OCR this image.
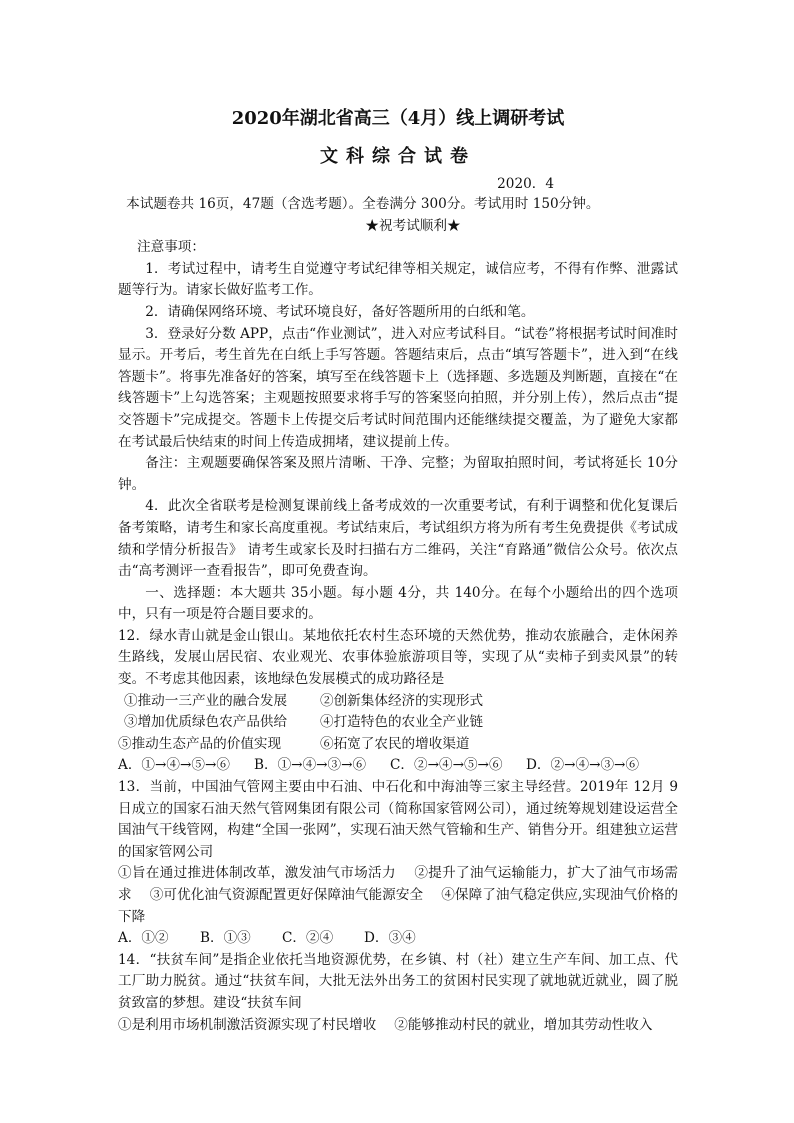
2020年湖北省高三（4月）线上调研考试
文科综合试卷
2020．4

本试题卷共 16页，47题（含选考题）。全卷满分 300分。考试用时 150分钟。

★祝考试顺利★

注意事项：

1．考试过程中，请考生自觉遵守考试纪律等相关规定，诚信应考，不得有作弊、泄露试题等行为。请家长做好监考工作。

2．请确保网络环境、考试环境良好，备好答题所用的白纸和笔。

3．登录好分数 APP，点击“作业测试”，进入对应考试科目。“试卷”将根据考试时间准时显示。开考后，考生首先在白纸上手写答题。答题结束后，点击“填写答题卡”，进入到“在线答题卡”。将事先准备好的答案，填写至在线答题卡上（选择题、多选题及判断题，直接在“在线答题卡”上勾选答案；主观题按照要求将手写的答案竖向拍照，并分别上传），然后点击“提交答题卡”完成提交。答题卡上传提交后考试时间范围内还能继续提交覆盖，为了避免大家都在考试最后快结束的时间上传造成拥堵，建议提前上传。

备注：主观题要确保答案及照片清晰、干净、完整；为留取拍照时间，考试将延长 10分钟。

4．此次全省联考是检测复课前线上备考成效的一次重要考试，有利于调整和优化复课后备考策略，请考生和家长高度重视。考试结束后，考试组织方将为所有考生免费提供《考试成绩和学情分析报告》 请考生或家长及时扫描右方二维码，关注“育路通”微信公众号。依次点击“高考测评一查看报告”，即可免费查询。

一、选择题：本大题共 35小题。每小题 4分，共 140分。在每个小题给出的四个选项中，只有一项是符合题目要求的。

12．绿水青山就是金山银山。某地依托农村生态环境的天然优势，推动农旅融合，走休闲养生路线，发展山居民宿、农业观光、农事体验旅游项目等，实现了从“卖柿子到卖风景”的转变。不考虑其他因素，该地绿色发展模式的成功路径是

①推动一三产业的融合发展	②创新集体经济的实现形式
③增加优质绿色农产品供给	④打造特色的农业全产业链
⑤推动生态产品的价值实现	⑥拓宽了农民的增收渠道
A．①→④→⑤→⑥	B．①→④→③→⑥	C．②→④→⑤→⑥	D．②→④→③→⑥

13．当前，中国油气管网主要由中石油、中石化和中海油等三家主导经营。2019年 12月 9日成立的国家石油天然气管网集团有限公司（简称国家管网公司），通过统筹规划建设运营全国油气干线管网，构建“全国一张网”，实现石油天然气管输和生产、销售分开。组建独立运营的国家管网公司

①旨在通过推进体制改革，激发油气市场活力　 ②提升了油气运输能力，扩大了油气市场需求　 ③可优化油气资源配置更好保障油气能源安全　 ④保障了油气稳定供应,实现油气价格的下降

A．①②	B．①③	C．②④	D．③④

14．“扶贫车间”是指企业依托当地资源优势，在乡镇、村（社）建立生产车间、加工点、代工厂助力脱贫。通过“扶贫车间，大批无法外出务工的贫困村民实现了就地就近就业，圆了脱贫致富的梦想。建设“扶贫车间

①是利用市场机制激活资源实现了村民增收　 ②能够推动村民的就业，增加其劳动性收入
